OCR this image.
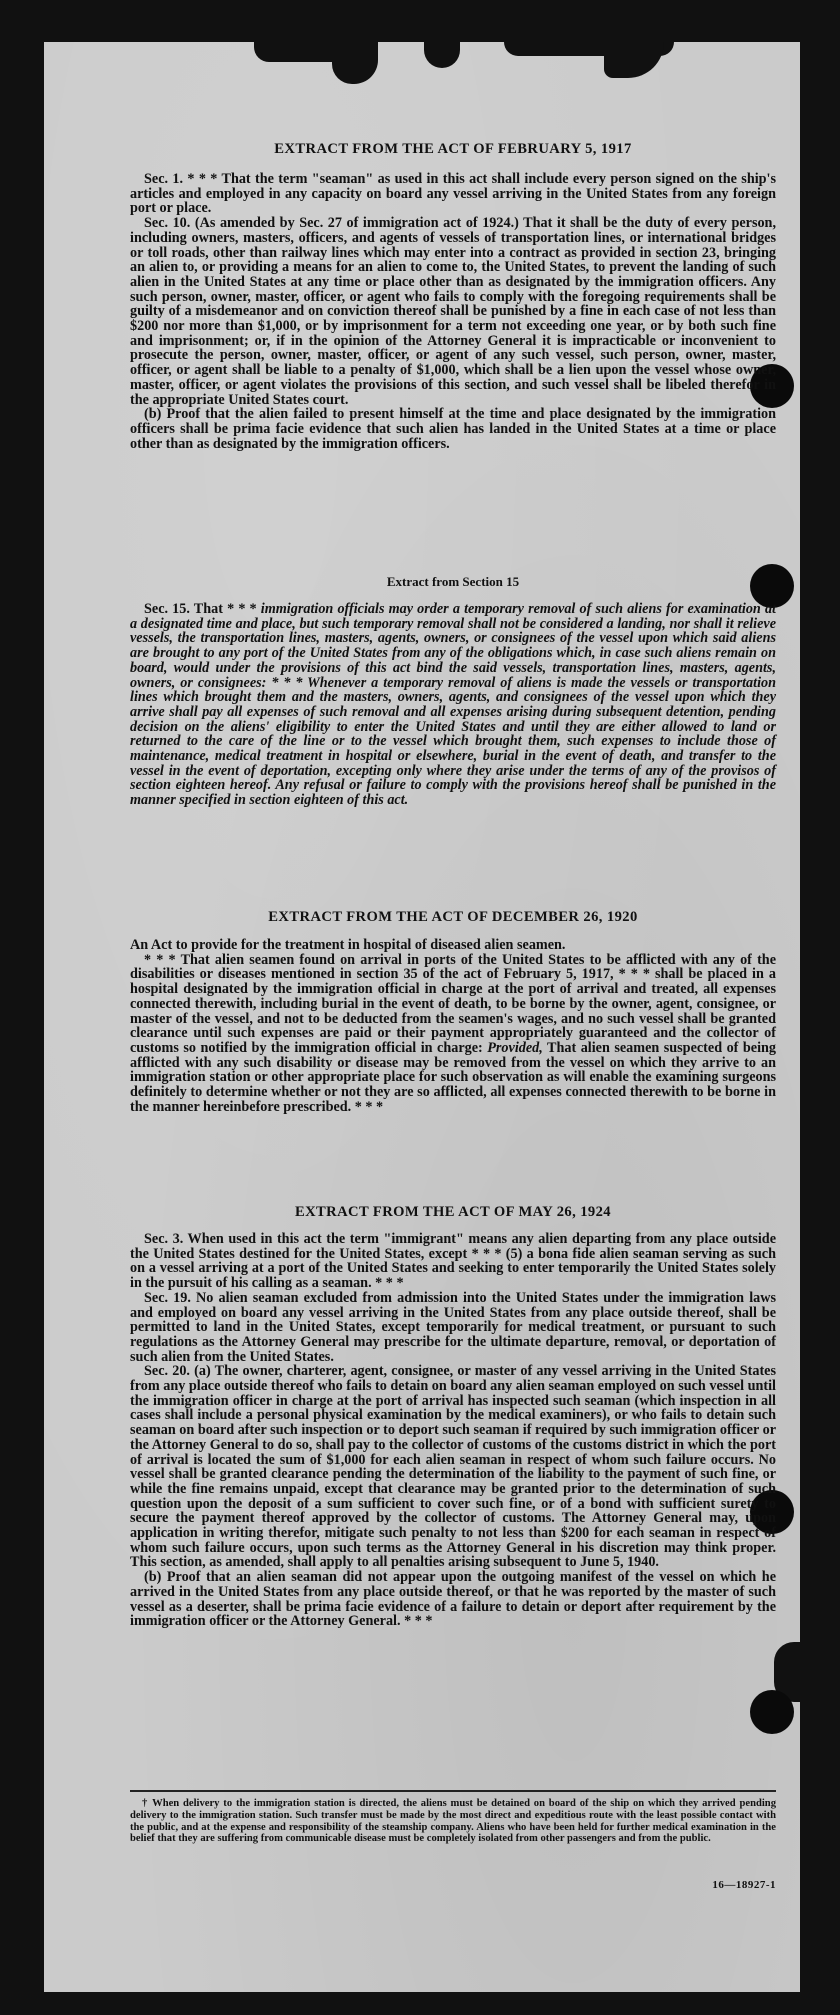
EXTRACT FROM THE ACT OF FEBRUARY 5, 1917

Sec. 1. * * * That the term "seaman" as used in this act shall include every person signed on the ship's articles and employed in any capacity on board any vessel arriving in the United States from any foreign port or place.

Sec. 10. (As amended by Sec. 27 of immigration act of 1924.) That it shall be the duty of every person, including owners, masters, officers, and agents of vessels of transportation lines, or international bridges or toll roads, other than railway lines which may enter into a contract as provided in section 23, bringing an alien to, or providing a means for an alien to come to, the United States, to prevent the landing of such alien in the United States at any time or place other than as designated by the immigration officers. Any such person, owner, master, officer, or agent who fails to comply with the foregoing requirements shall be guilty of a misdemeanor and on conviction thereof shall be punished by a fine in each case of not less than $200 nor more than $1,000, or by imprisonment for a term not exceeding one year, or by both such fine and imprisonment; or, if in the opinion of the Attorney General it is impracticable or inconvenient to prosecute the person, owner, master, officer, or agent of any such vessel, such person, owner, master, officer, or agent shall be liable to a penalty of $1,000, which shall be a lien upon the vessel whose owner, master, officer, or agent violates the provisions of this section, and such vessel shall be libeled therefor in the appropriate United States court.

(b) Proof that the alien failed to present himself at the time and place designated by the immigration officers shall be prima facie evidence that such alien has landed in the United States at a time or place other than as designated by the immigration officers.

Extract from Section 15

Sec. 15. That * * * immigration officials may order a temporary removal of such aliens for examination at a designated time and place, but such temporary removal shall not be considered a landing, nor shall it relieve vessels, the transportation lines, masters, agents, owners, or consignees of the vessel upon which said aliens are brought to any port of the United States from any of the obligations which, in case such aliens remain on board, would under the provisions of this act bind the said vessels, transportation lines, masters, agents, owners, or consignees: * * * Whenever a temporary removal of aliens is made the vessels or transportation lines which brought them and the masters, owners, agents, and consignees of the vessel upon which they arrive shall pay all expenses of such removal and all expenses arising during subsequent detention, pending decision on the aliens' eligibility to enter the United States and until they are either allowed to land or returned to the care of the line or to the vessel which brought them, such expenses to include those of maintenance, medical treatment in hospital or elsewhere, burial in the event of death, and transfer to the vessel in the event of deportation, excepting only where they arise under the terms of any of the provisos of section eighteen hereof. Any refusal or failure to comply with the provisions hereof shall be punished in the manner specified in section eighteen of this act.

EXTRACT FROM THE ACT OF DECEMBER 26, 1920

An Act to provide for the treatment in hospital of diseased alien seamen.

* * * That alien seamen found on arrival in ports of the United States to be afflicted with any of the disabilities or diseases mentioned in section 35 of the act of February 5, 1917, * * * shall be placed in a hospital designated by the immigration official in charge at the port of arrival and treated, all expenses connected therewith, including burial in the event of death, to be borne by the owner, agent, consignee, or master of the vessel, and not to be deducted from the seamen's wages, and no such vessel shall be granted clearance until such expenses are paid or their payment appropriately guaranteed and the collector of customs so notified by the immigration official in charge: Provided, That alien seamen suspected of being afflicted with any such disability or disease may be removed from the vessel on which they arrive to an immigration station or other appropriate place for such observation as will enable the examining surgeons definitely to determine whether or not they are so afflicted, all expenses connected therewith to be borne in the manner hereinbefore prescribed. * * *

EXTRACT FROM THE ACT OF MAY 26, 1924

Sec. 3. When used in this act the term "immigrant" means any alien departing from any place outside the United States destined for the United States, except * * * (5) a bona fide alien seaman serving as such on a vessel arriving at a port of the United States and seeking to enter temporarily the United States solely in the pursuit of his calling as a seaman. * * *

Sec. 19. No alien seaman excluded from admission into the United States under the immigration laws and employed on board any vessel arriving in the United States from any place outside thereof, shall be permitted to land in the United States, except temporarily for medical treatment, or pursuant to such regulations as the Attorney General may prescribe for the ultimate departure, removal, or deportation of such alien from the United States.

Sec. 20. (a) The owner, charterer, agent, consignee, or master of any vessel arriving in the United States from any place outside thereof who fails to detain on board any alien seaman employed on such vessel until the immigration officer in charge at the port of arrival has inspected such seaman (which inspection in all cases shall include a personal physical examination by the medical examiners), or who fails to detain such seaman on board after such inspection or to deport such seaman if required by such immigration officer or the Attorney General to do so, shall pay to the collector of customs of the customs district in which the port of arrival is located the sum of $1,000 for each alien seaman in respect of whom such failure occurs. No vessel shall be granted clearance pending the determination of the liability to the payment of such fine, or while the fine remains unpaid, except that clearance may be granted prior to the determination of such question upon the deposit of a sum sufficient to cover such fine, or of a bond with sufficient surety to secure the payment thereof approved by the collector of customs. The Attorney General may, upon application in writing therefor, mitigate such penalty to not less than $200 for each seaman in respect of whom such failure occurs, upon such terms as the Attorney General in his discretion may think proper. This section, as amended, shall apply to all penalties arising subsequent to June 5, 1940.

(b) Proof that an alien seaman did not appear upon the outgoing manifest of the vessel on which he arrived in the United States from any place outside thereof, or that he was reported by the master of such vessel as a deserter, shall be prima facie evidence of a failure to detain or deport after requirement by the immigration officer or the Attorney General. * * *

† When delivery to the immigration station is directed, the aliens must be detained on board of the ship on which they arrived pending delivery to the immigration station. Such transfer must be made by the most direct and expeditious route with the least possible contact with the public, and at the expense and responsibility of the steamship company. Aliens who have been held for further medical examination in the belief that they are suffering from communicable disease must be completely isolated from other passengers and from the public.

16—18927-1
